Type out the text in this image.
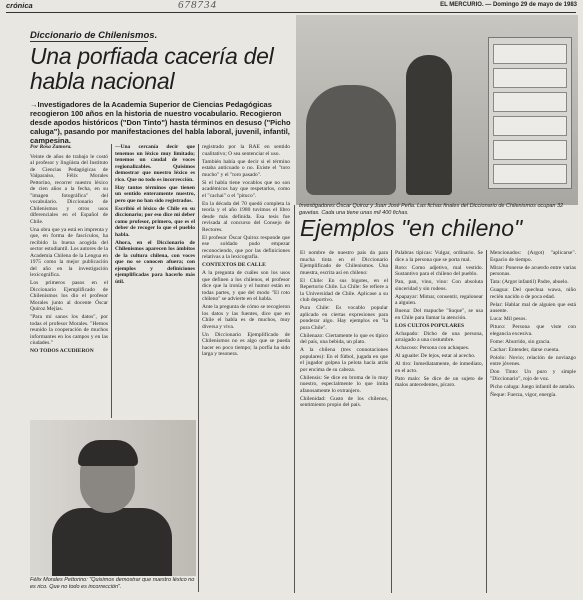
crónica	678734	EL MERCURIO. — Domingo 29 de mayo de 1983
Investigadores Óscar Quiroz y Juan José Peña. Las fichas finales del Diccionario de Chilenismos ocupan 32 gavetas. Cada una tiene unas mil 400 fichas.
Diccionario de Chilenismos.
Una porfiada cacería del habla nacional
→Investigadores de la Academia Superior de Ciencias Pedagógicas recogieron 100 años en la historia de nuestro vocabulario. Recogieron desde apodos históricos ("Don Tinto") hasta términos en desuso ("Picho caluga"), pasando por manifestaciones del habla laboral, juvenil, infantil, campesina.

Por Rosa Zamora.

Veinte de años de trabajo le costó al profesor y lingüista del Instituto de Ciencias Pedagógicas de Valparaíso, Félix Morales Pettorino, recorrer nuestro léxico de cien años a la fecha, en su "imagen fotográfica" del vocabulario. Diccionario de Chilenismos y otros usos diferenciales en el Español de Chile.

Una obra que ya está en imprenta y que, en forma de fascículos, ha recibido la buena acogida del sector estudiantil. Los autores de la Academia Chilena de la Lengua en 1975 como la mejor publicación del año en la investigación lexicográfica.

Los primeros pasos en el Diccionario Ejemplificado de Chilenismos los dio el profesor Morales junto al docente Óscar Quiroz Mejías.

"Para mí sanos los datos", por todas el profesor Morales. "Hemos reunido la cooperación de muchos informantes en los campos y en las ciudades."

NO TODOS ACUDIERON

—Una cercanía decir que tenemos un léxico muy limitado; tenemos un caudal de voces regionalizables. Quisimos demostrar que nuestro léxico es rico. Que no todo es incorrección.

Hay tantos términos que tienen un sentido enteramente nuestro, pero que no han sido registrados.

Escribió el léxico de Chile en su diccionario; por eso dice mi deber como profesor, primero, que es el deber de recoger lo que el pueblo habla.

Ahora, en el Diccionario de Chilenismos aparecen los ámbitos de la cultura chilena, con voces que no se conocen afuera; con ejemplos y definiciones ejemplificadas para hacerlo más útil.

registrado por la RAE en sentido cualitativo; O sea sentenciar el uso.

También había que decir si el término estaba anticuado o no. Existe el "toro mucho" y el "toro pasado".

Si el habla tiene vocablos que no son académicos hay que respetarlos, como el "cachai" o el "pituco".

En la década del 70 quedó completa la teoría y el año 1980 tuvimos el libro desde más definida. Esa tesis fue revisada al concurso del Consejo de Rectores.

El profesor Óscar Quiroz responde que ese soldado pudo empezar reconociendo, que por las definiciones relativas a la lexicografía.

CONTEXTOS DE CALLE

A la pregunta de cuáles son los usos que definen a los chilenos, el profesor dice que la ironía y el humor están en todas partes, y que del modo "El roto chileno" se advierte en el habla.

Ante la pregunta de cómo se recogieron los datos y las fuentes, dice que en Chile el habla es de muchos, muy diversa y viva.

Un Diccionario Ejemplificado de Chilenismos no es algo que se pueda hacer en poco tiempo; la porfía ha sido larga y tesonera.

Félix Morales Pettorino: "Quisimos demostrar que nuestro léxico no es rico. Que no todo es incorrección".
Ejemplos "en chileno"

El nombre de nuestro país da para mucha tinta en el Diccionario Ejemplificado de Chilenismos. Una muestra, escrita así en chileno:

El Chile: En sus bigotes, en el Repertorio Chile. La Chile: Se refiere a la Universidad de Chile. Aplicase a su club deportivo.

Pura Chile: Es vocablo popular aplicado en ciertas expresiones para ponderar algo. Hay ejemplos en "la pura Chile".

Chilenazo: Ciertamente lo que es típico del país, una bebida, un plato.

A la chilena (tres connotaciones populares): En el fútbol, jugada en que el jugador golpea la pelota hacia atrás por encima de su cabeza.

Chilensis: Se dice en broma de lo muy nuestro, especialmente lo que imita afanosamente lo extranjero.

Chilenidad: Gusto de los chilenos, sentimiento propio del país.

Palabras típicas: Vulgar, ordinario. Se dice a la persona que se porta mal.

Roto: Como adjetivo, mal vestido. Sustantivo para el chileno del pueblo.

Pan, pan, vino, vino: Con absoluta sinceridad y sin rodeos.

Apapayar: Mimar, consentir, regalonear a alguien.

Buena: Del mapuche "ñuque", se usa en Chile para llamar la atención.

LOS CULTOS POPULARES

Achapado: Dicho de una persona, arraigado a una costumbre.

Achacoso: Persona con achaques.

Al aguaite: De lejos, estar al acecho.

Al tiro: Inmediatamente, de inmediato, en el acto.

Pato malo: Se dice de un sujeto de malos antecedentes, pícaro.

Mencionados: (Argot) "aplicarse". Espacio de tiempo.

Mirar: Ponerse de acuerdo entre varias personas.

Tata: (Argot infantil) Padre, abuelo.

Guagua: Del quechua wawa, niño recién nacido o de poca edad.

Pelar: Hablar mal de alguien que está ausente.

Luca: Mil pesos.

Pituco: Persona que viste con elegancia excesiva.

Fome: Aburrido, sin gracia.

Cachar: Entender, darse cuenta.

Pololo: Novio; relación de noviazgo entre jóvenes.

Don Tinto: Un puro y simple "Diccionario", rojo de voz.

Picho caluga: Juego infantil de antaño.

Ñeque: Fuerza, vigor, energía.
